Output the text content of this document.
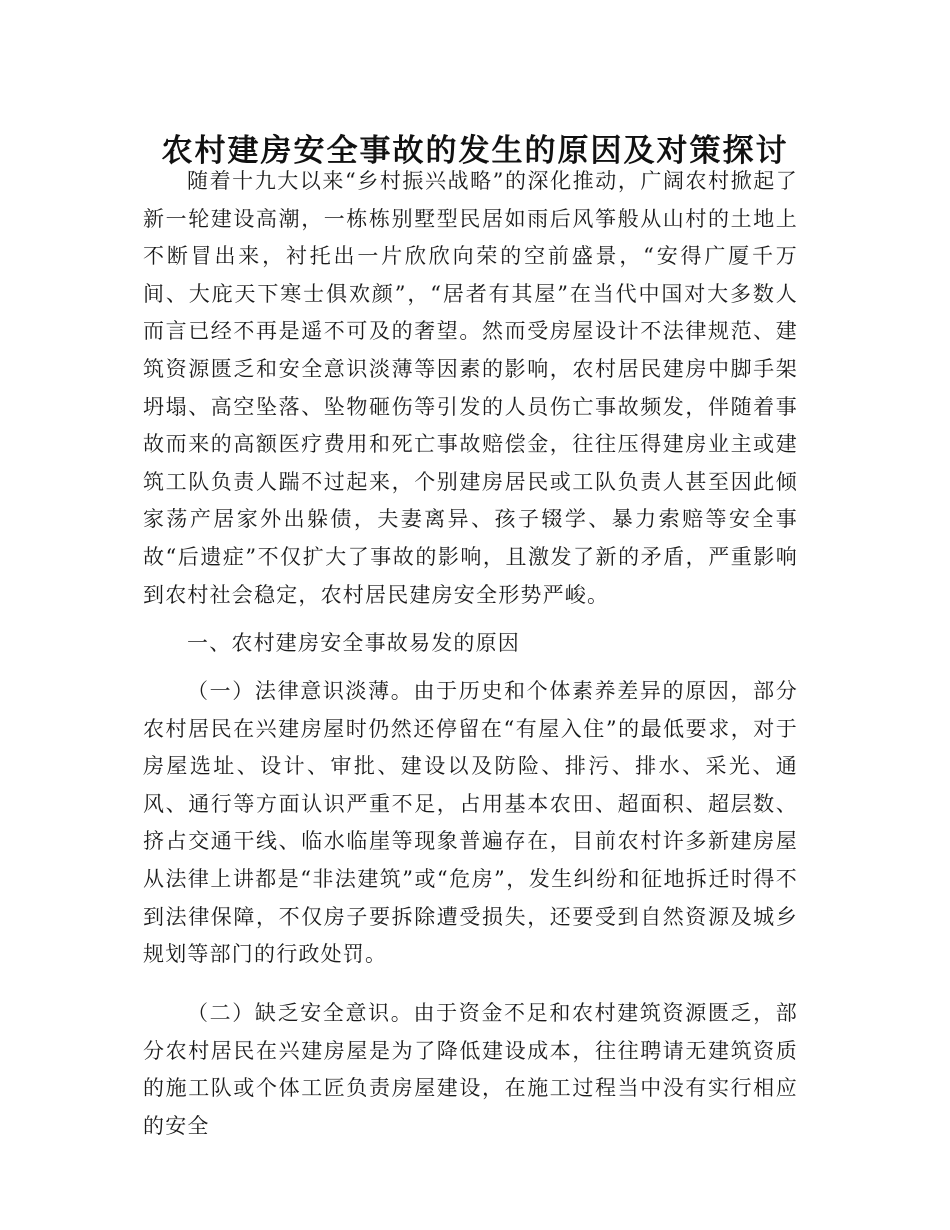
农村建房安全事故的发生的原因及对策探讨

随着十九大以来“乡村振兴战略”的深化推动，广阔农村掀起了新一轮建设高潮，一栋栋别墅型民居如雨后风筝般从山村的土地上不断冒出来，衬托出一片欣欣向荣的空前盛景，“安得广厦千万间、大庇天下寒士俱欢颜”，“居者有其屋”在当代中国对大多数人而言已经不再是遥不可及的奢望。然而受房屋设计不法律规范、建筑资源匮乏和安全意识淡薄等因素的影响，农村居民建房中脚手架坍塌、高空坠落、坠物砸伤等引发的人员伤亡事故频发，伴随着事故而来的高额医疗费用和死亡事故赔偿金，往往压得建房业主或建筑工队负责人踹不过起来，个别建房居民或工队负责人甚至因此倾家荡产居家外出躲债，夫妻离异、孩子辍学、暴力索赔等安全事故“后遗症”不仅扩大了事故的影响，且激发了新的矛盾，严重影响到农村社会稳定，农村居民建房安全形势严峻。

一、农村建房安全事故易发的原因

（一）法律意识淡薄。由于历史和个体素养差异的原因，部分农村居民在兴建房屋时仍然还停留在“有屋入住”的最低要求，对于房屋选址、设计、审批、建设以及防险、排污、排水、采光、通风、通行等方面认识严重不足，占用基本农田、超面积、超层数、挤占交通干线、临水临崖等现象普遍存在，目前农村许多新建房屋从法律上讲都是“非法建筑”或“危房”，发生纠纷和征地拆迁时得不到法律保障，不仅房子要拆除遭受损失，还要受到自然资源及城乡规划等部门的行政处罚。

（二）缺乏安全意识。由于资金不足和农村建筑资源匮乏，部分农村居民在兴建房屋是为了降低建设成本，往往聘请无建筑资质的施工队或个体工匠负责房屋建设，在施工过程当中没有实行相应的安全
